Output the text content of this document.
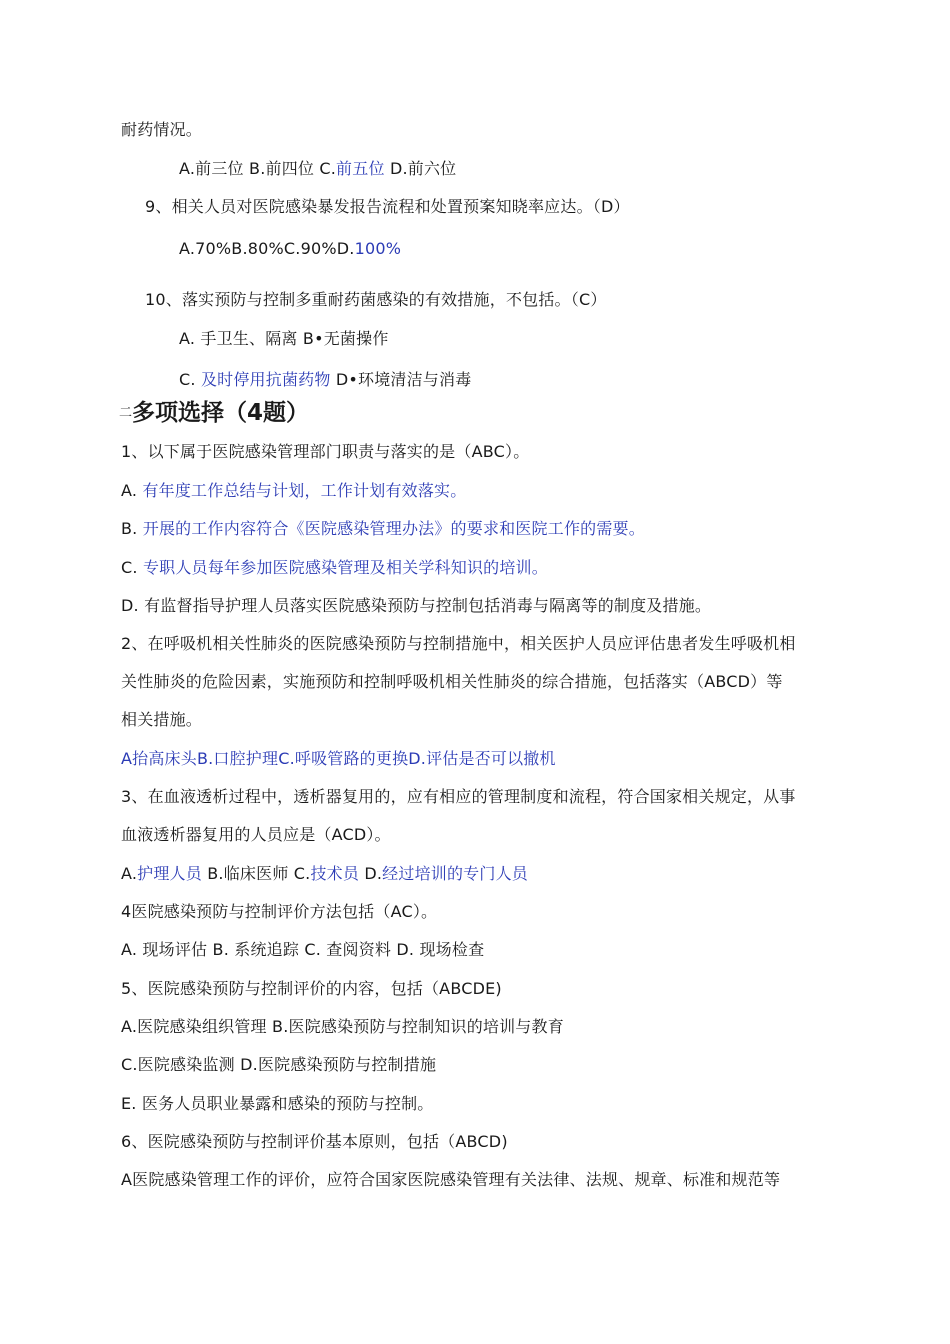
耐药情况。
A.前三位 B.前四位 C.前五位 D.前六位
9、相关人员对医院感染暴发报告流程和处置预案知晓率应达。（D）
A.70%B.80%C.90%D.100%
10、落实预防与控制多重耐药菌感染的有效措施，不包括。（C）
A. 手卫生、隔离 B•无菌操作
C. 及时停用抗菌药物 D•环境清洁与消毒
二多项选择（4题）
1、以下属于医院感染管理部门职责与落实的是（ABC）。
A. 有年度工作总结与计划，工作计划有效落实。
B. 开展的工作内容符合《医院感染管理办法》的要求和医院工作的需要。
C. 专职人员每年参加医院感染管理及相关学科知识的培训。
D. 有监督指导护理人员落实医院感染预防与控制包括消毒与隔离等的制度及措施。
2、在呼吸机相关性肺炎的医院感染预防与控制措施中，相关医护人员应评估患者发生呼吸机相
关性肺炎的危险因素，实施预防和控制呼吸机相关性肺炎的综合措施，包括落实（ABCD）等
相关措施。
A抬高床头B.口腔护理C.呼吸管路的更换D.评估是否可以撤机
3、在血液透析过程中，透析器复用的，应有相应的管理制度和流程，符合国家相关规定，从事
血液透析器复用的人员应是（ACD）。
A.护理人员 B.临床医师 C.技术员 D.经过培训的专门人员
4医院感染预防与控制评价方法包括（AC）。
A. 现场评估 B. 系统追踪 C. 查阅资料 D. 现场检查
5、医院感染预防与控制评价的内容，包括（ABCDE)
A.医院感染组织管理 B.医院感染预防与控制知识的培训与教育
C.医院感染监测 D.医院感染预防与控制措施
E. 医务人员职业暴露和感染的预防与控制。
6、医院感染预防与控制评价基本原则，包括（ABCD)
A医院感染管理工作的评价，应符合国家医院感染管理有关法律、法规、规章、标准和规范等
